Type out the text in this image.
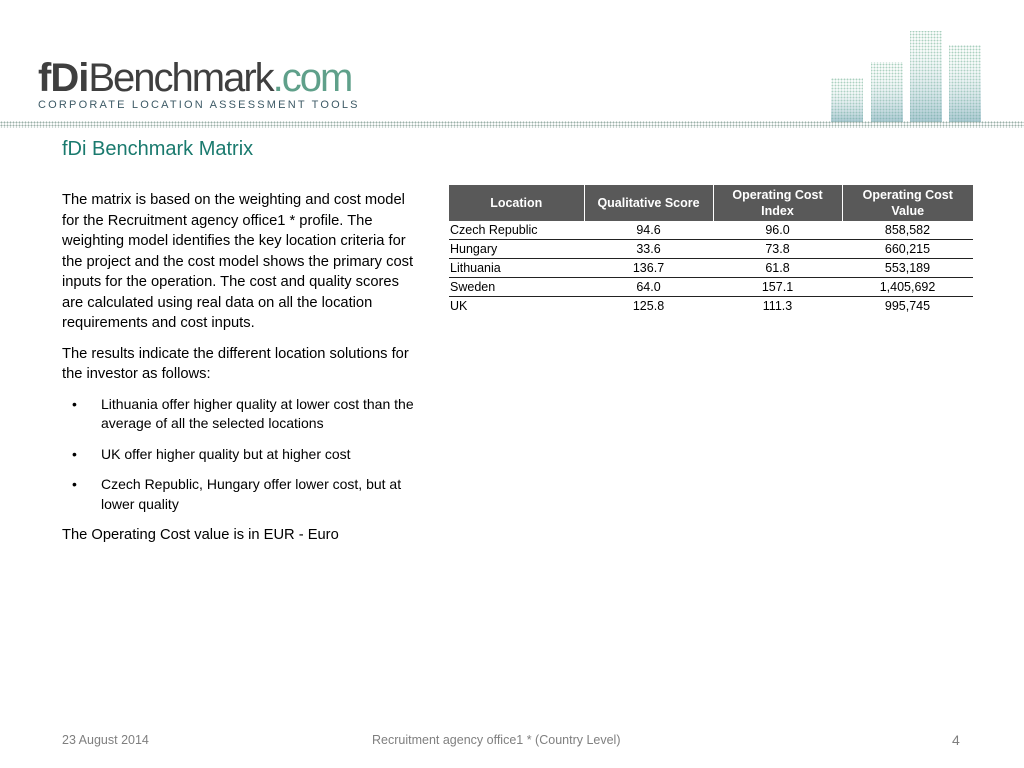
fDiBenchmark.com
CORPORATE LOCATION ASSESSMENT TOOLS
fDi Benchmark Matrix

The matrix is based on the weighting and cost model for the Recruitment agency office1 * profile. The weighting model identifies the key location criteria for the project and the cost model shows the primary cost inputs for the operation. The cost and quality scores are calculated using real data on all the location requirements and cost inputs.

The results indicate the different location solutions for the investor as follows:

• Lithuania offer higher quality at lower cost than the average of all the selected locations
• UK offer higher quality but at higher cost
• Czech Republic, Hungary offer lower cost, but at lower quality

The Operating Cost value is in EUR - Euro

Location	Qualitative Score	Operating Cost Index	Operating Cost Value
Czech Republic	94.6	96.0	858,582
Hungary	33.6	73.8	660,215
Lithuania	136.7	61.8	553,189
Sweden	64.0	157.1	1,405,692
UK	125.8	111.3	995,745
23 August 2014	Recruitment agency office1 * (Country Level)	4
